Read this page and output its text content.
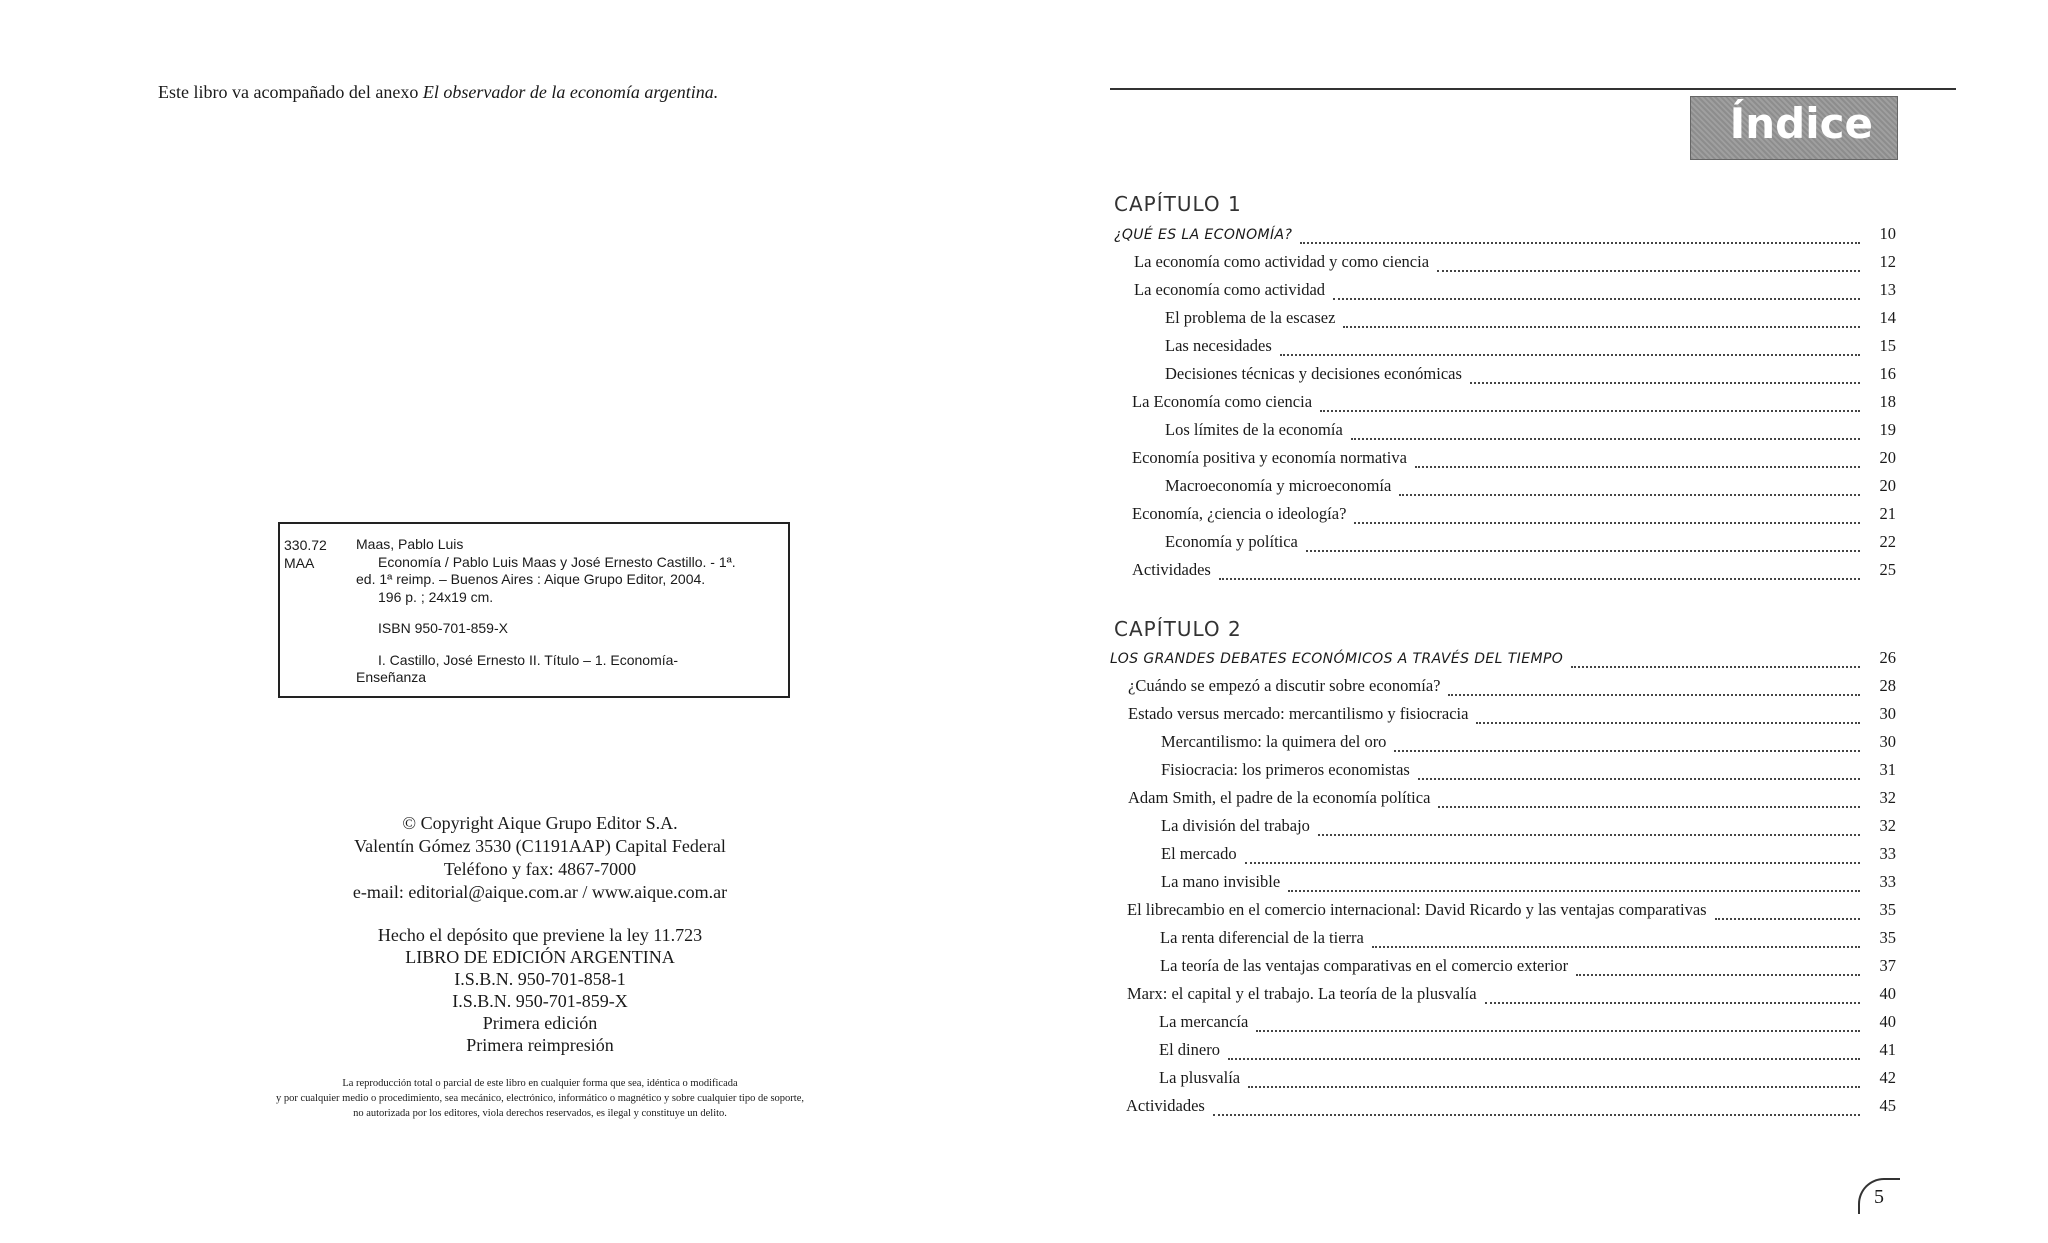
Este libro va acompañado del anexo El observador de la economía argentina.
330.72
MAA
Maas, Pablo Luis
Economía / Pablo Luis Maas y José Ernesto Castillo. - 1ª.
ed. 1ª reimp. – Buenos Aires : Aique Grupo Editor, 2004.
196 p. ; 24x19 cm.
ISBN 950-701-859-X
I. Castillo, José Ernesto II. Título – 1. Economía-
Enseñanza
© Copyright Aique Grupo Editor S.A.
Valentín Gómez 3530 (C1191AAP) Capital Federal
Teléfono y fax: 4867-7000
e-mail: editorial@aique.com.ar / www.aique.com.ar
Hecho el depósito que previene la ley 11.723
LIBRO DE EDICIÓN ARGENTINA
I.S.B.N. 950-701-858-1
I.S.B.N. 950-701-859-X
Primera edición
Primera reimpresión
La reproducción total o parcial de este libro en cualquier forma que sea, idéntica o modificada
y por cualquier medio o procedimiento, sea mecánico, electrónico, informático o magnético y sobre cualquier tipo de soporte,
no autorizada por los editores, viola derechos reservados, es ilegal y constituye un delito.
Índice
CAPÍTULO 1
¿QUÉ ES LA ECONOMÍA?	10
La economía como actividad y como ciencia	12
La economía como actividad	13
El problema de la escasez	14
Las necesidades	15
Decisiones técnicas y decisiones económicas	16
La Economía como ciencia	18
Los límites de la economía	19
Economía positiva y economía normativa	20
Macroeconomía y microeconomía	20
Economía, ¿ciencia o ideología?	21
Economía y política	22
Actividades	25
CAPÍTULO 2
LOS GRANDES DEBATES ECONÓMICOS A TRAVÉS DEL TIEMPO	26
¿Cuándo se empezó a discutir sobre economía?	28
Estado versus mercado: mercantilismo y fisiocracia	30
Mercantilismo: la quimera del oro	30
Fisiocracia: los primeros economistas	31
Adam Smith, el padre de la economía política	32
La división del trabajo	32
El mercado	33
La mano invisible	33
El librecambio en el comercio internacional: David Ricardo y las ventajas comparativas	35
La renta diferencial de la tierra	35
La teoría de las ventajas comparativas en el comercio exterior	37
Marx: el capital y el trabajo. La teoría de la plusvalía	40
La mercancía	40
El dinero	41
La plusvalía	42
Actividades	45
5
